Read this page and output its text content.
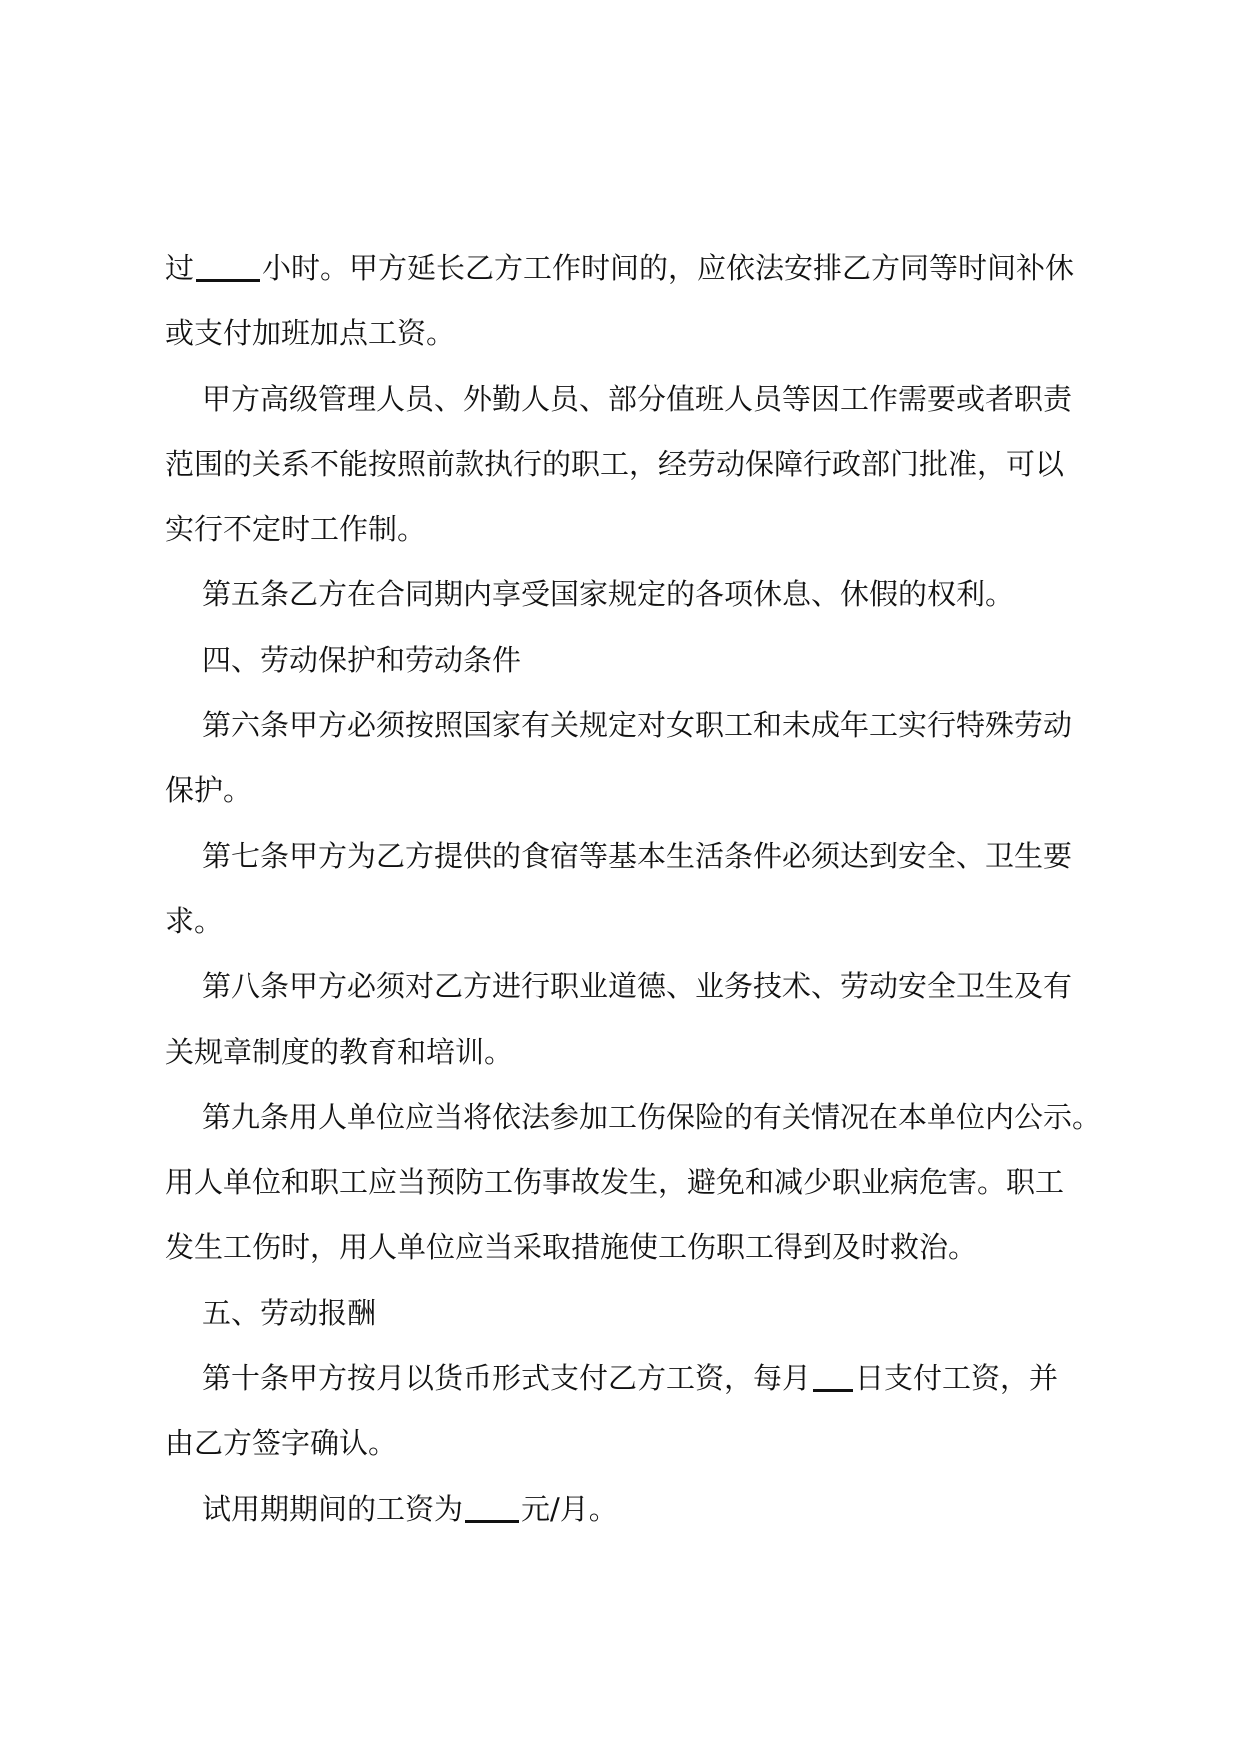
过 小时。甲方延长乙方工作时间的，应依法安排乙方同等时间补休
或支付加班加点工资。
甲方高级管理人员、外勤人员、部分值班人员等因工作需要或者职责
范围的关系不能按照前款执行的职工，经劳动保障行政部门批准，可以
实行不定时工作制。
第五条乙方在合同期内享受国家规定的各项休息、休假的权利。
四、劳动保护和劳动条件
第六条甲方必须按照国家有关规定对女职工和未成年工实行特殊劳动
保护。
第七条甲方为乙方提供的食宿等基本生活条件必须达到安全、卫生要
求。
第八条甲方必须对乙方进行职业道德、业务技术、劳动安全卫生及有
关规章制度的教育和培训。
第九条用人单位应当将依法参加工伤保险的有关情况在本单位内公示。
用人单位和职工应当预防工伤事故发生，避免和减少职业病危害。职工
发生工伤时，用人单位应当采取措施使工伤职工得到及时救治。
五、劳动报酬
第十条甲方按月以货币形式支付乙方工资，每月 日支付工资，并
由乙方签字确认。
试用期期间的工资为 元/月。
